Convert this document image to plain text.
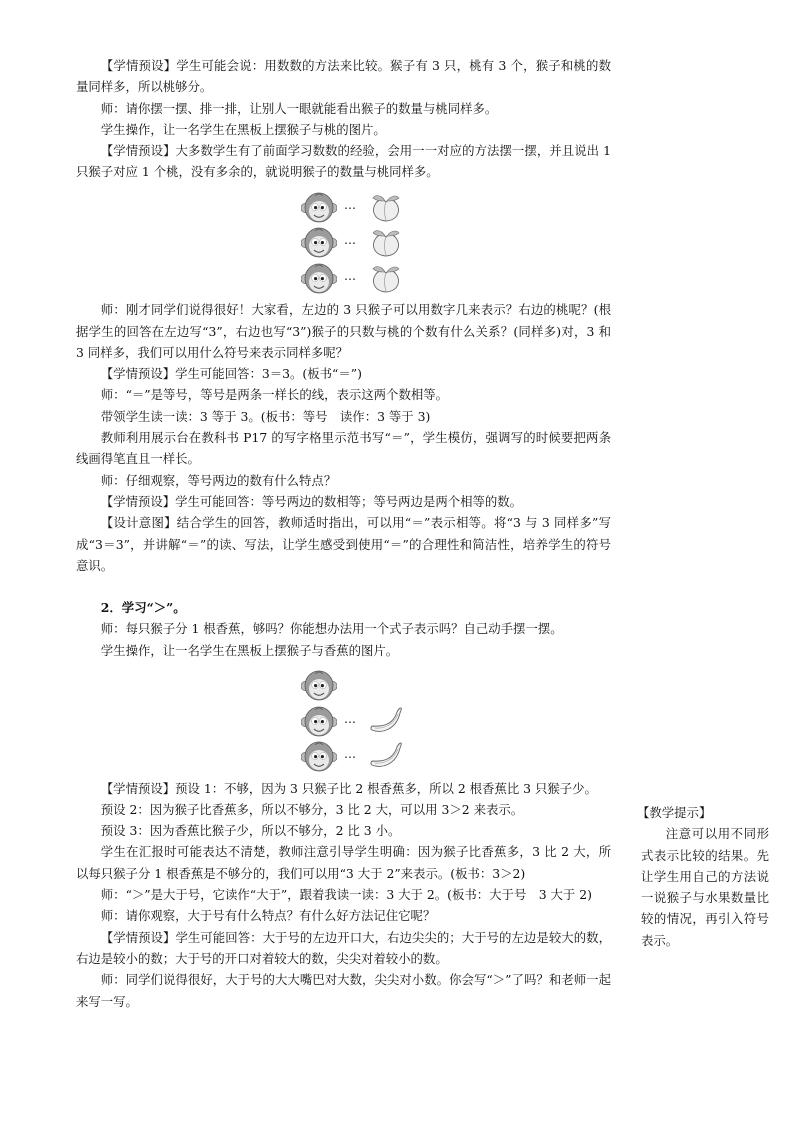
【学情预设】学生可能会说：用数数的方法来比较。猴子有 3 只，桃有 3 个，猴子和桃的数量同样多，所以桃够分。

师：请你摆一摆、排一排，让别人一眼就能看出猴子的数量与桃同样多。

学生操作，让一名学生在黑板上摆猴子与桃的图片。

【学情预设】大多数学生有了前面学习数数的经验，会用一一对应的方法摆一摆，并且说出 1 只猴子对应 1 个桃，没有多余的，就说明猴子的数量与桃同样多。

…
…
…

师：刚才同学们说得很好！大家看，左边的 3 只猴子可以用数字几来表示？右边的桃呢？(根据学生的回答在左边写“3”，右边也写“3”)猴子的只数与桃的个数有什么关系？(同样多)对，3 和 3 同样多，我们可以用什么符号来表示同样多呢？

【学情预设】学生可能回答：3＝3。(板书“＝”)

师：“＝”是等号，等号是两条一样长的线，表示这两个数相等。

带领学生读一读：3 等于 3。(板书：等号　读作：3 等于 3)

教师利用展示台在教科书 P17 的写字格里示范书写“＝”，学生模仿，强调写的时候要把两条线画得笔直且一样长。

师：仔细观察，等号两边的数有什么特点？

【学情预设】学生可能回答：等号两边的数相等；等号两边是两个相等的数。

【设计意图】结合学生的回答，教师适时指出，可以用“＝”表示相等。将“3 与 3 同样多”写成“3＝3”，并讲解“＝”的读、写法，让学生感受到使用“＝”的合理性和简洁性，培养学生的符号意识。

2．学习“＞”。

师：每只猴子分 1 根香蕉，够吗？你能想办法用一个式子表示吗？自己动手摆一摆。

学生操作，让一名学生在黑板上摆猴子与香蕉的图片。

…
…

【学情预设】预设 1：不够，因为 3 只猴子比 2 根香蕉多，所以 2 根香蕉比 3 只猴子少。

预设 2：因为猴子比香蕉多，所以不够分，3 比 2 大，可以用 3＞2 来表示。

预设 3：因为香蕉比猴子少，所以不够分，2 比 3 小。

学生在汇报时可能表达不清楚，教师注意引导学生明确：因为猴子比香蕉多，3 比 2 大，所以每只猴子分 1 根香蕉是不够分的，我们可以用“3 大于 2”来表示。(板书：3＞2)

师：“＞”是大于号，它读作“大于”，跟着我读一读：3 大于 2。(板书：大于号　3 大于 2)

师：请你观察，大于号有什么特点？有什么好方法记住它呢？

【学情预设】学生可能回答：大于号的左边开口大，右边尖尖的；大于号的左边是较大的数，右边是较小的数；大于号的开口对着较大的数，尖尖对着较小的数。

师：同学们说得很好，大于号的大大嘴巴对大数，尖尖对小数。你会写“＞”了吗？和老师一起来写一写。

【教学提示】

注意可以用不同形式表示比较的结果。先让学生用自己的方法说一说猴子与水果数量比较的情况，再引入符号表示。
